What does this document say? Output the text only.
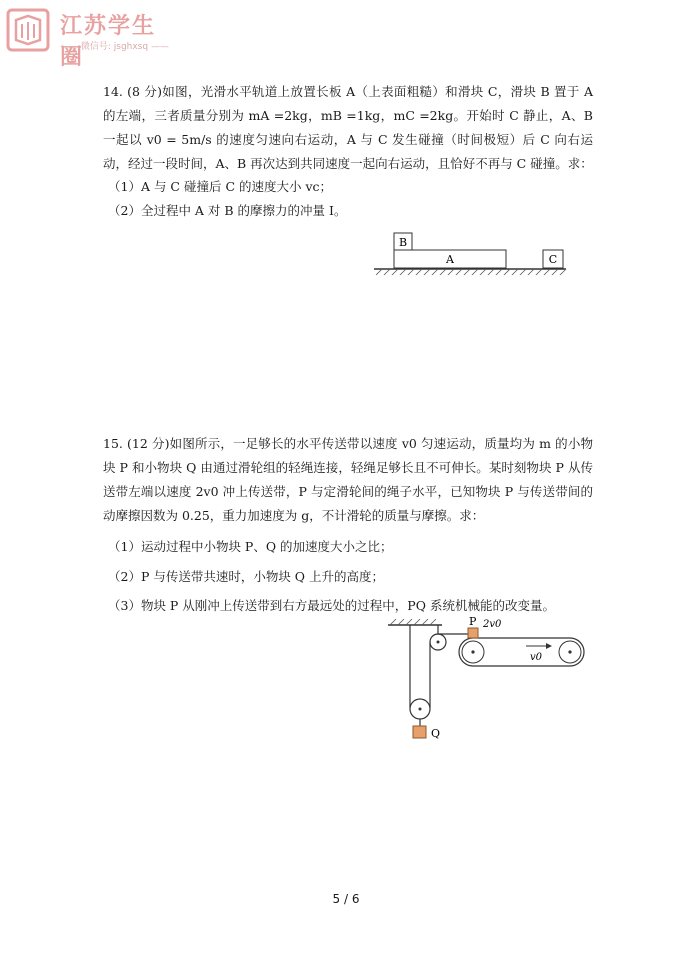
江苏学生圈
—— 微信号: jsghxsq ——

14. (8 分)如图，光滑水平轨道上放置长板 A（上表面粗糙）和滑块 C，滑块 B 置于 A 的左端，三者质量分别为 mA =2kg，mB =1kg，mC =2kg。开始时 C 静止，A、B 一起以 v0 = 5m/s 的速度匀速向右运动，A 与 C 发生碰撞（时间极短）后 C 向右运动，经过一段时间，A、B 再次达到共同速度一起向右运动，且恰好不再与 C 碰撞。求：

（1）A 与 C 碰撞后 C 的速度大小 vc；

（2）全过程中 A 对 B 的摩擦力的冲量 I。

A
B
C

15. (12 分)如图所示，一足够长的水平传送带以速度 v0 匀速运动，质量均为 m 的小物块 P 和小物块 Q 由通过滑轮组的轻绳连接，轻绳足够长且不可伸长。某时刻物块 P 从传送带左端以速度 2v0 冲上传送带，P 与定滑轮间的绳子水平，已知物块 P 与传送带间的动摩擦因数为 0.25，重力加速度为 g，不计滑轮的质量与摩擦。求：

（1）运动过程中小物块 P、Q 的加速度大小之比；

（2）P 与传送带共速时，小物块 Q 上升的高度；

（3）物块 P 从刚冲上传送带到右方最远处的过程中，PQ 系统机械能的改变量。

Q
P 2v0
v0
5 / 6
